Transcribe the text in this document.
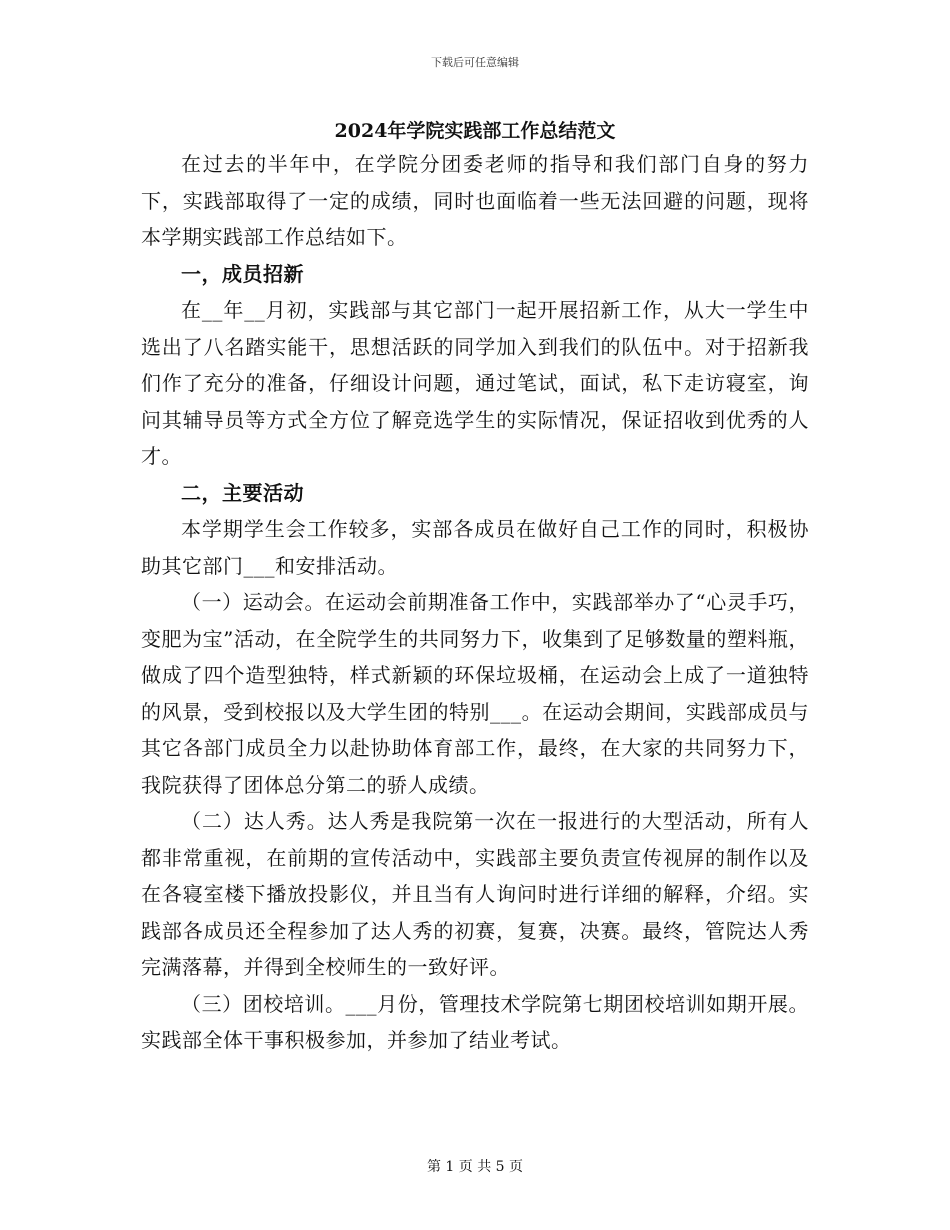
下载后可任意编辑
2024年学院实践部工作总结范文

在过去的半年中，在学院分团委老师的指导和我们部门自身的努力下，实践部取得了一定的成绩，同时也面临着一些无法回避的问题，现将本学期实践部工作总结如下。

一，成员招新

在__年__月初，实践部与其它部门一起开展招新工作，从大一学生中选出了八名踏实能干，思想活跃的同学加入到我们的队伍中。对于招新我们作了充分的准备，仔细设计问题，通过笔试，面试，私下走访寝室，询问其辅导员等方式全方位了解竞选学生的实际情况，保证招收到优秀的人才。

二，主要活动

本学期学生会工作较多，实部各成员在做好自己工作的同时，积极协助其它部门___和安排活动。

（一）运动会。在运动会前期准备工作中，实践部举办了“心灵手巧，变肥为宝”活动，在全院学生的共同努力下，收集到了足够数量的塑料瓶，做成了四个造型独特，样式新颖的环保垃圾桶，在运动会上成了一道独特的风景，受到校报以及大学生团的特别___。在运动会期间，实践部成员与其它各部门成员全力以赴协助体育部工作，最终，在大家的共同努力下，我院获得了团体总分第二的骄人成绩。

（二）达人秀。达人秀是我院第一次在一报进行的大型活动，所有人都非常重视，在前期的宣传活动中，实践部主要负责宣传视屏的制作以及在各寝室楼下播放投影仪，并且当有人询问时进行详细的解释，介绍。实践部各成员还全程参加了达人秀的初赛，复赛，决赛。最终，管院达人秀完满落幕，并得到全校师生的一致好评。

（三）团校培训。___月份，管理技术学院第七期团校培训如期开展。实践部全体干事积极参加，并参加了结业考试。

第 1 页 共 5 页
